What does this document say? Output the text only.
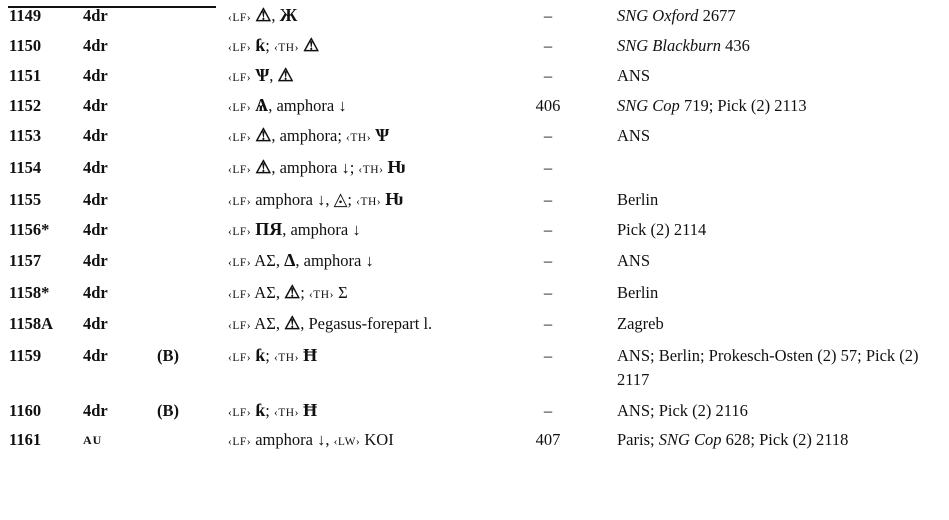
1149	4dr	‹LF› ⚠, Ж	–	SNG Oxford 2677
1150	4dr	‹LF› ƙ; ‹TH› ⚠	–	SNG Blackburn 436
1151	4dr	‹LF› Ѱ, ⚠	–	ANS
1152	4dr	‹LF› Ѧ, amphora ↓	406	SNG Cop 719; Pick (2) 2113
1153	4dr	‹LF› ⚠, amphora; ‹TH› Ѱ	–	ANS
1154	4dr	‹LF› ⚠, amphora ↓; ‹TH› Ƕ	–
1155	4dr	‹LF› amphora ↓, ◬; ‹TH› Ƕ	–	Berlin
1156* 4dr	‹LF› ПЯ, amphora ↓	–	Pick (2) 2114
1157	4dr	‹LF› AΣ, Δ, amphora ↓	–	ANS
1158* 4dr	‹LF› AΣ, ⚠; ‹TH› Σ	–	Berlin
1158A 4dr	‹LF› AΣ, ⚠, Pegasus-forepart l.	–	Zagreb
1159	4dr	(B)	‹LF› ƙ; ‹TH› Ħ	–	ANS; Berlin; Prokesch-Osten (2) 57; Pick (2) 2117
1160	4dr	(B)	‹LF› ƙ; ‹TH› Ħ	–	ANS; Pick (2) 2116
1161	AU	‹LF› amphora ↓, ‹LW› KOI	407	Paris; SNG Cop 628; Pick (2) 2118
